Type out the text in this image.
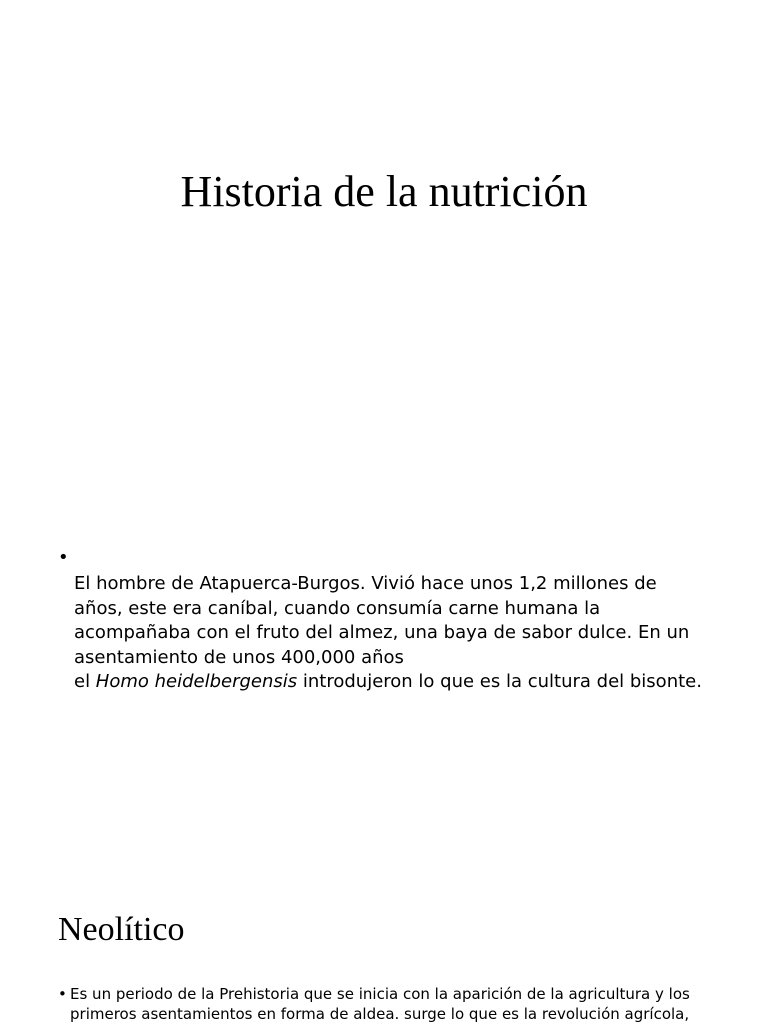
Historia de la nutrición
•
El hombre de Atapuerca-Burgos. Vivió hace unos 1,2 millones de
años, este era caníbal, cuando consumía carne humana la
acompañaba con el fruto del almez, una baya de sabor dulce. En un
asentamiento de unos 400,000 años
el Homo heidelbergensis introdujeron lo que es la cultura del bisonte.
Neolítico
• Es un periodo de la Prehistoria que se inicia con la aparición de la agricultura y los
primeros asentamientos en forma de aldea. surge lo que es la revolución agrícola,
